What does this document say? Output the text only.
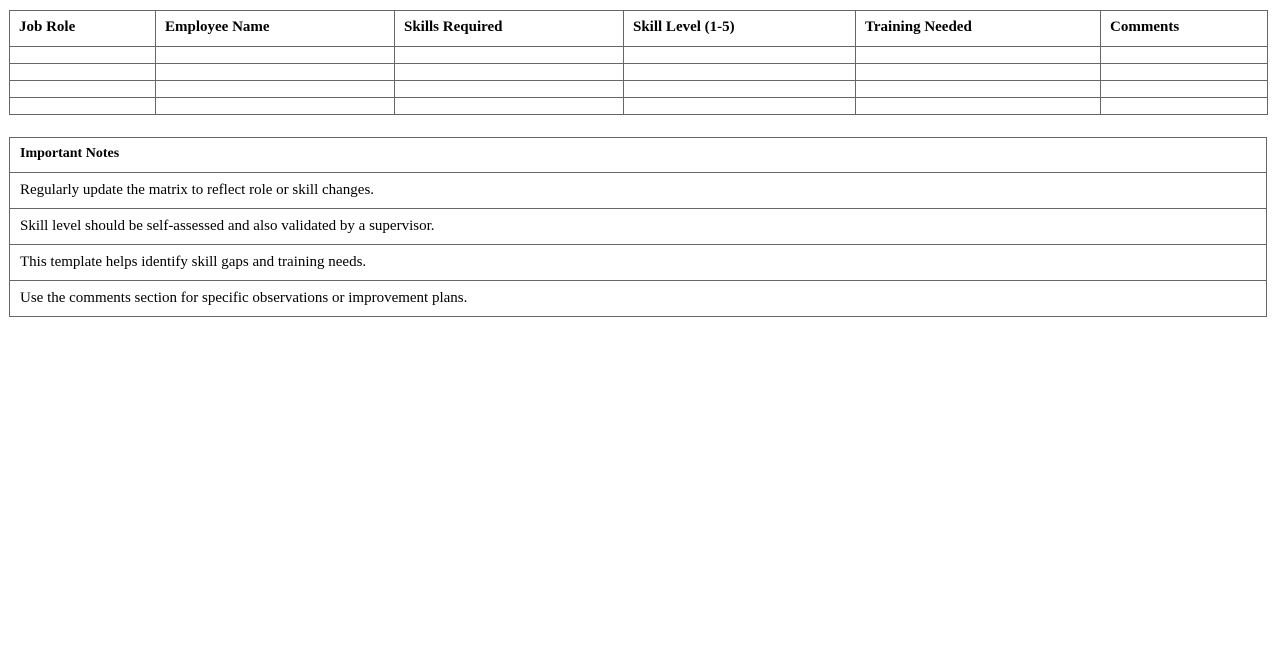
Job Role	Employee Name	Skills Required	Skill Level (1-5)	Training Needed	Comments

Important Notes
Regularly update the matrix to reflect role or skill changes.
Skill level should be self-assessed and also validated by a supervisor.
This template helps identify skill gaps and training needs.
Use the comments section for specific observations or improvement plans.
